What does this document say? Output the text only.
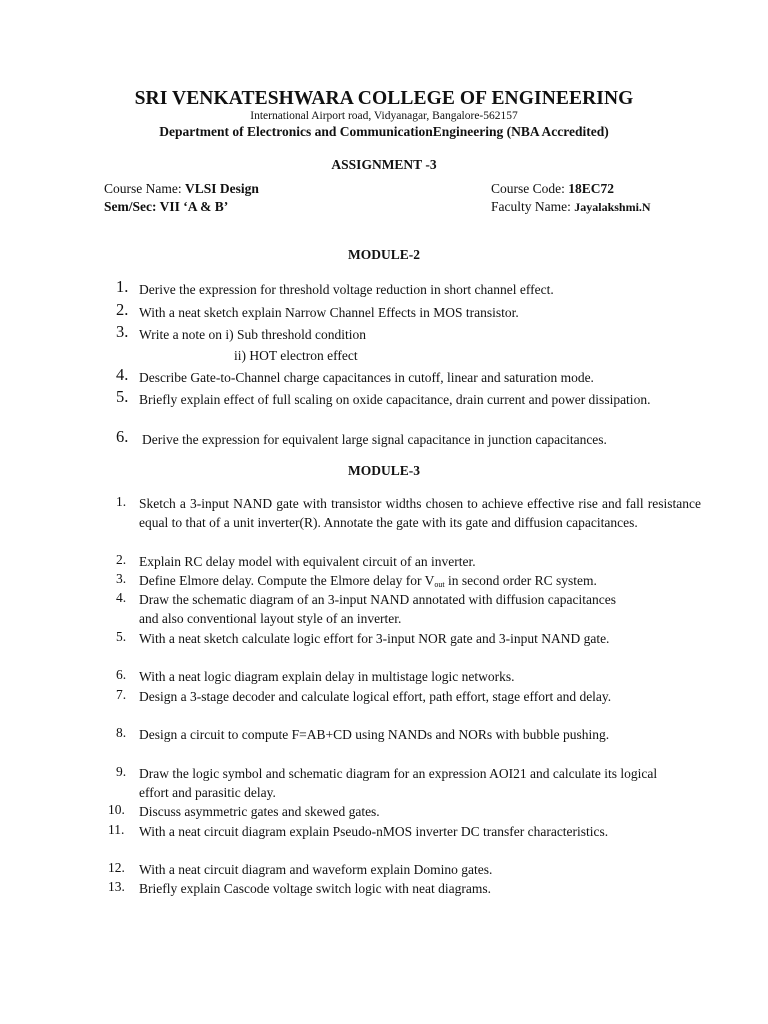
SRI VENKATESHWARA COLLEGE OF ENGINEERING
International Airport road, Vidyanagar, Bangalore-562157
Department of Electronics and CommunicationEngineering (NBA Accredited)
ASSIGNMENT -3
Course Name: VLSI Design	Course Code: 18EC72
Sem/Sec: VII ‘A & B’	Faculty Name: Jayalakshmi.N
MODULE-2
1. Derive the expression for threshold voltage reduction in short channel effect.
2. With a neat sketch explain Narrow Channel Effects in MOS transistor.
3. Write a note on i) Sub threshold condition
ii) HOT electron effect
4. Describe Gate-to-Channel charge capacitances in cutoff, linear and saturation mode.
5. Briefly explain effect of full scaling on oxide capacitance, drain current and power dissipation.
6. Derive the expression for equivalent large signal capacitance in junction capacitances.
MODULE-3
1. Sketch a 3-input NAND gate with transistor widths chosen to achieve effective rise and fall resistance equal to that of a unit inverter(R). Annotate the gate with its gate and diffusion capacitances.
2. Explain RC delay model with equivalent circuit of an inverter.
3. Define Elmore delay. Compute the Elmore delay for $V_{out}$ in second order RC system.
4. Draw the schematic diagram of an 3-input NAND annotated with diffusion capacitances and also conventional layout style of an inverter.
5. With a neat sketch calculate logic effort for 3-input NOR gate and 3-input NAND gate.
6. With a neat logic diagram explain delay in multistage logic networks.
7. Design a 3-stage decoder and calculate logical effort, path effort, stage effort and delay.
8. Design a circuit to compute F=AB+CD using NANDs and NORs with bubble pushing.
9. Draw the logic symbol and schematic diagram for an expression AOI21 and calculate its logical effort and parasitic delay.
10. Discuss asymmetric gates and skewed gates.
11. With a neat circuit diagram explain Pseudo-nMOS inverter DC transfer characteristics.
12. With a neat circuit diagram and waveform explain Domino gates.
13. Briefly explain Cascode voltage switch logic with neat diagrams.
